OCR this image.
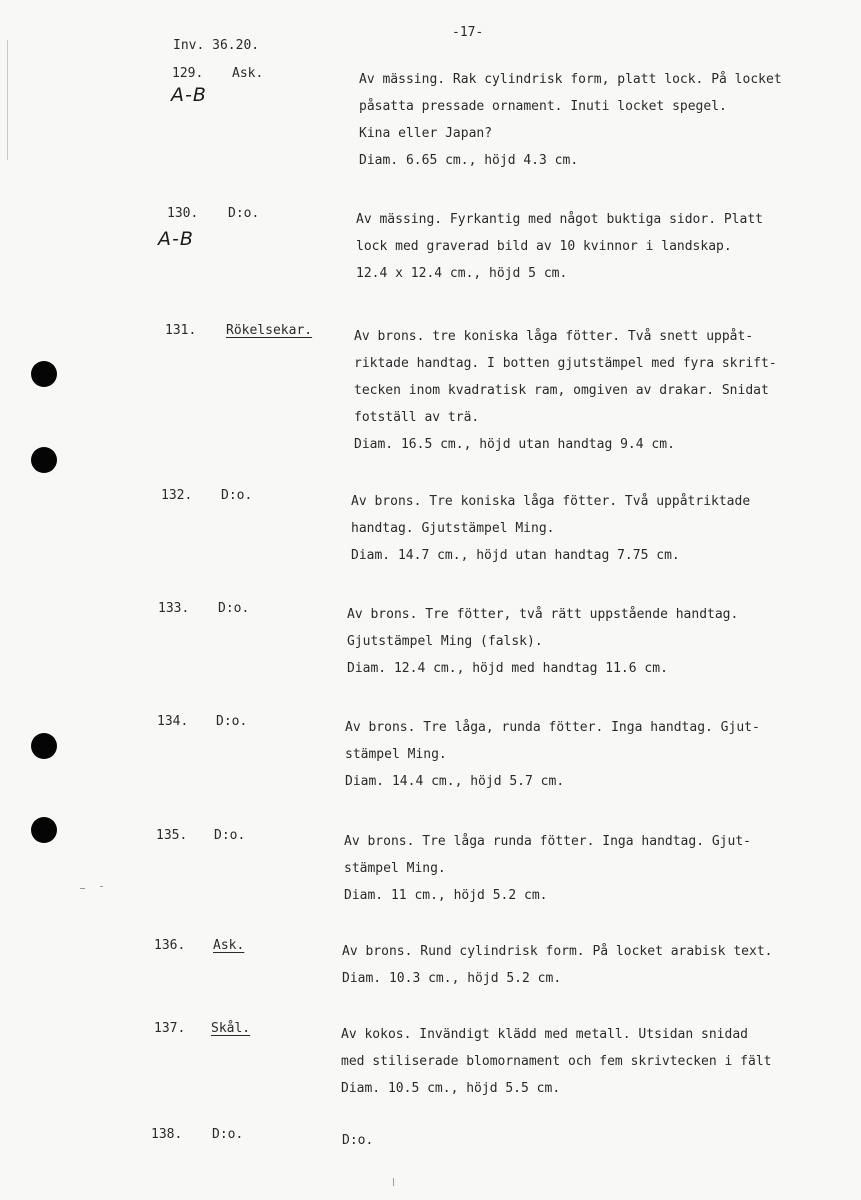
-17-
Inv. 36.20.
129. Ask.	Av mässing. Rak cylindrisk form, platt lock. På locket
påsatta pressade ornament. Inuti locket spegel.
Kina eller Japan?
Diam. 6.65 cm., höjd 4.3 cm.
130. D:o.	Av mässing. Fyrkantig med något buktiga sidor. Platt
lock med graverad bild av 10 kvinnor i landskap.
12.4 x 12.4 cm., höjd 5 cm.
131. Rökelsekar.	Av brons. tre koniska låga fötter. Två snett uppåt-
riktade handtag. I botten gjutstämpel med fyra skrift-
tecken inom kvadratisk ram, omgiven av drakar. Snidat
fotställ av trä.
Diam. 16.5 cm., höjd utan handtag 9.4 cm.
132. D:o.	Av brons. Tre koniska låga fötter. Två uppåtriktade
handtag. Gjutstämpel Ming.
Diam. 14.7 cm., höjd utan handtag 7.75 cm.
133. D:o.	Av brons. Tre fötter, två rätt uppstående handtag.
Gjutstämpel Ming (falsk).
Diam. 12.4 cm., höjd med handtag 11.6 cm.
134. D:o.	Av brons. Tre låga, runda fötter. Inga handtag. Gjut-
stämpel Ming.
Diam. 14.4 cm., höjd 5.7 cm.
135. D:o.	Av brons. Tre låga runda fötter. Inga handtag. Gjut-
stämpel Ming.
Diam. 11 cm., höjd 5.2 cm.
136. Ask.	Av brons. Rund cylindrisk form. På locket arabisk text.
Diam. 10.3 cm., höjd 5.2 cm.
137. Skål.	Av kokos. Invändigt klädd med metall. Utsidan snidad
med stiliserade blomornament och fem skrivtecken i fält
Diam. 10.5 cm., höjd 5.5 cm.
138. D:o.	D:o.
A-B
A-B
